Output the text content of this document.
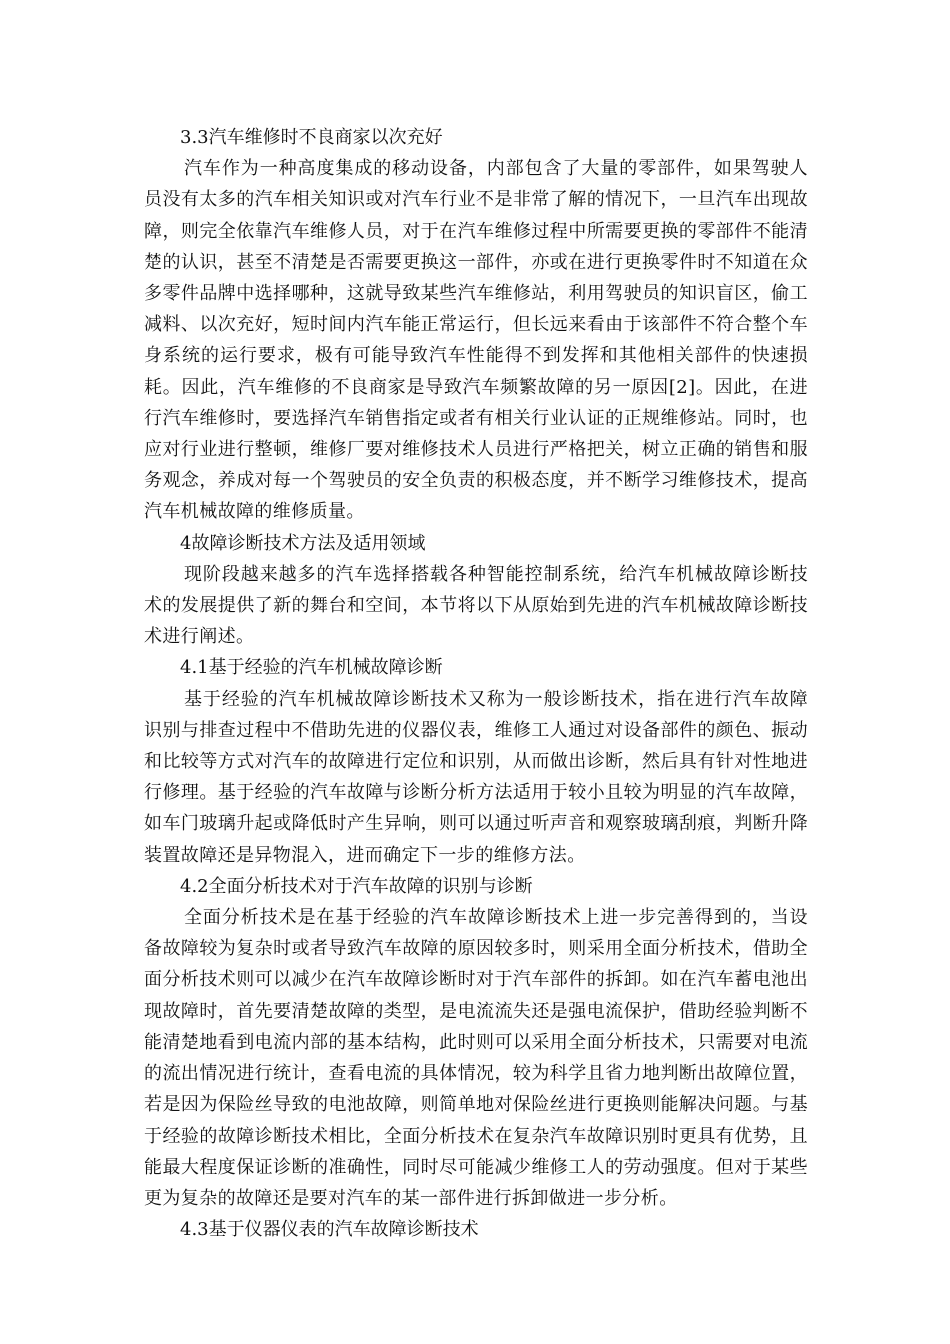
3.3汽车维修时不良商家以次充好

汽车作为一种高度集成的移动设备，内部包含了大量的零部件，如果驾驶人员没有太多的汽车相关知识或对汽车行业不是非常了解的情况下，一旦汽车出现故障，则完全依靠汽车维修人员，对于在汽车维修过程中所需要更换的零部件不能清楚的认识，甚至不清楚是否需要更换这一部件，亦或在进行更换零件时不知道在众多零件品牌中选择哪种，这就导致某些汽车维修站，利用驾驶员的知识盲区，偷工减料、以次充好，短时间内汽车能正常运行，但长远来看由于该部件不符合整个车身系统的运行要求，极有可能导致汽车性能得不到发挥和其他相关部件的快速损耗。因此，汽车维修的不良商家是导致汽车频繁故障的另一原因[2]。因此，在进行汽车维修时，要选择汽车销售指定或者有相关行业认证的正规维修站。同时，也应对行业进行整顿，维修厂要对维修技术人员进行严格把关，树立正确的销售和服务观念，养成对每一个驾驶员的安全负责的积极态度，并不断学习维修技术，提高汽车机械故障的维修质量。

4故障诊断技术方法及适用领域

现阶段越来越多的汽车选择搭载各种智能控制系统，给汽车机械故障诊断技术的发展提供了新的舞台和空间，本节将以下从原始到先进的汽车机械故障诊断技术进行阐述。

4.1基于经验的汽车机械故障诊断

基于经验的汽车机械故障诊断技术又称为一般诊断技术，指在进行汽车故障识别与排查过程中不借助先进的仪器仪表，维修工人通过对设备部件的颜色、振动和比较等方式对汽车的故障进行定位和识别，从而做出诊断，然后具有针对性地进行修理。基于经验的汽车故障与诊断分析方法适用于较小且较为明显的汽车故障，如车门玻璃升起或降低时产生异响，则可以通过听声音和观察玻璃刮痕，判断升降装置故障还是异物混入，进而确定下一步的维修方法。

4.2全面分析技术对于汽车故障的识别与诊断

全面分析技术是在基于经验的汽车故障诊断技术上进一步完善得到的，当设备故障较为复杂时或者导致汽车故障的原因较多时，则采用全面分析技术，借助全面分析技术则可以减少在汽车故障诊断时对于汽车部件的拆卸。如在汽车蓄电池出现故障时，首先要清楚故障的类型，是电流流失还是强电流保护，借助经验判断不能清楚地看到电流内部的基本结构，此时则可以采用全面分析技术，只需要对电流的流出情况进行统计，查看电流的具体情况，较为科学且省力地判断出故障位置，若是因为保险丝导致的电池故障，则简单地对保险丝进行更换则能解决问题。与基于经验的故障诊断技术相比，全面分析技术在复杂汽车故障识别时更具有优势，且能最大程度保证诊断的准确性，同时尽可能减少维修工人的劳动强度。但对于某些更为复杂的故障还是要对汽车的某一部件进行拆卸做进一步分析。

4.3基于仪器仪表的汽车故障诊断技术
